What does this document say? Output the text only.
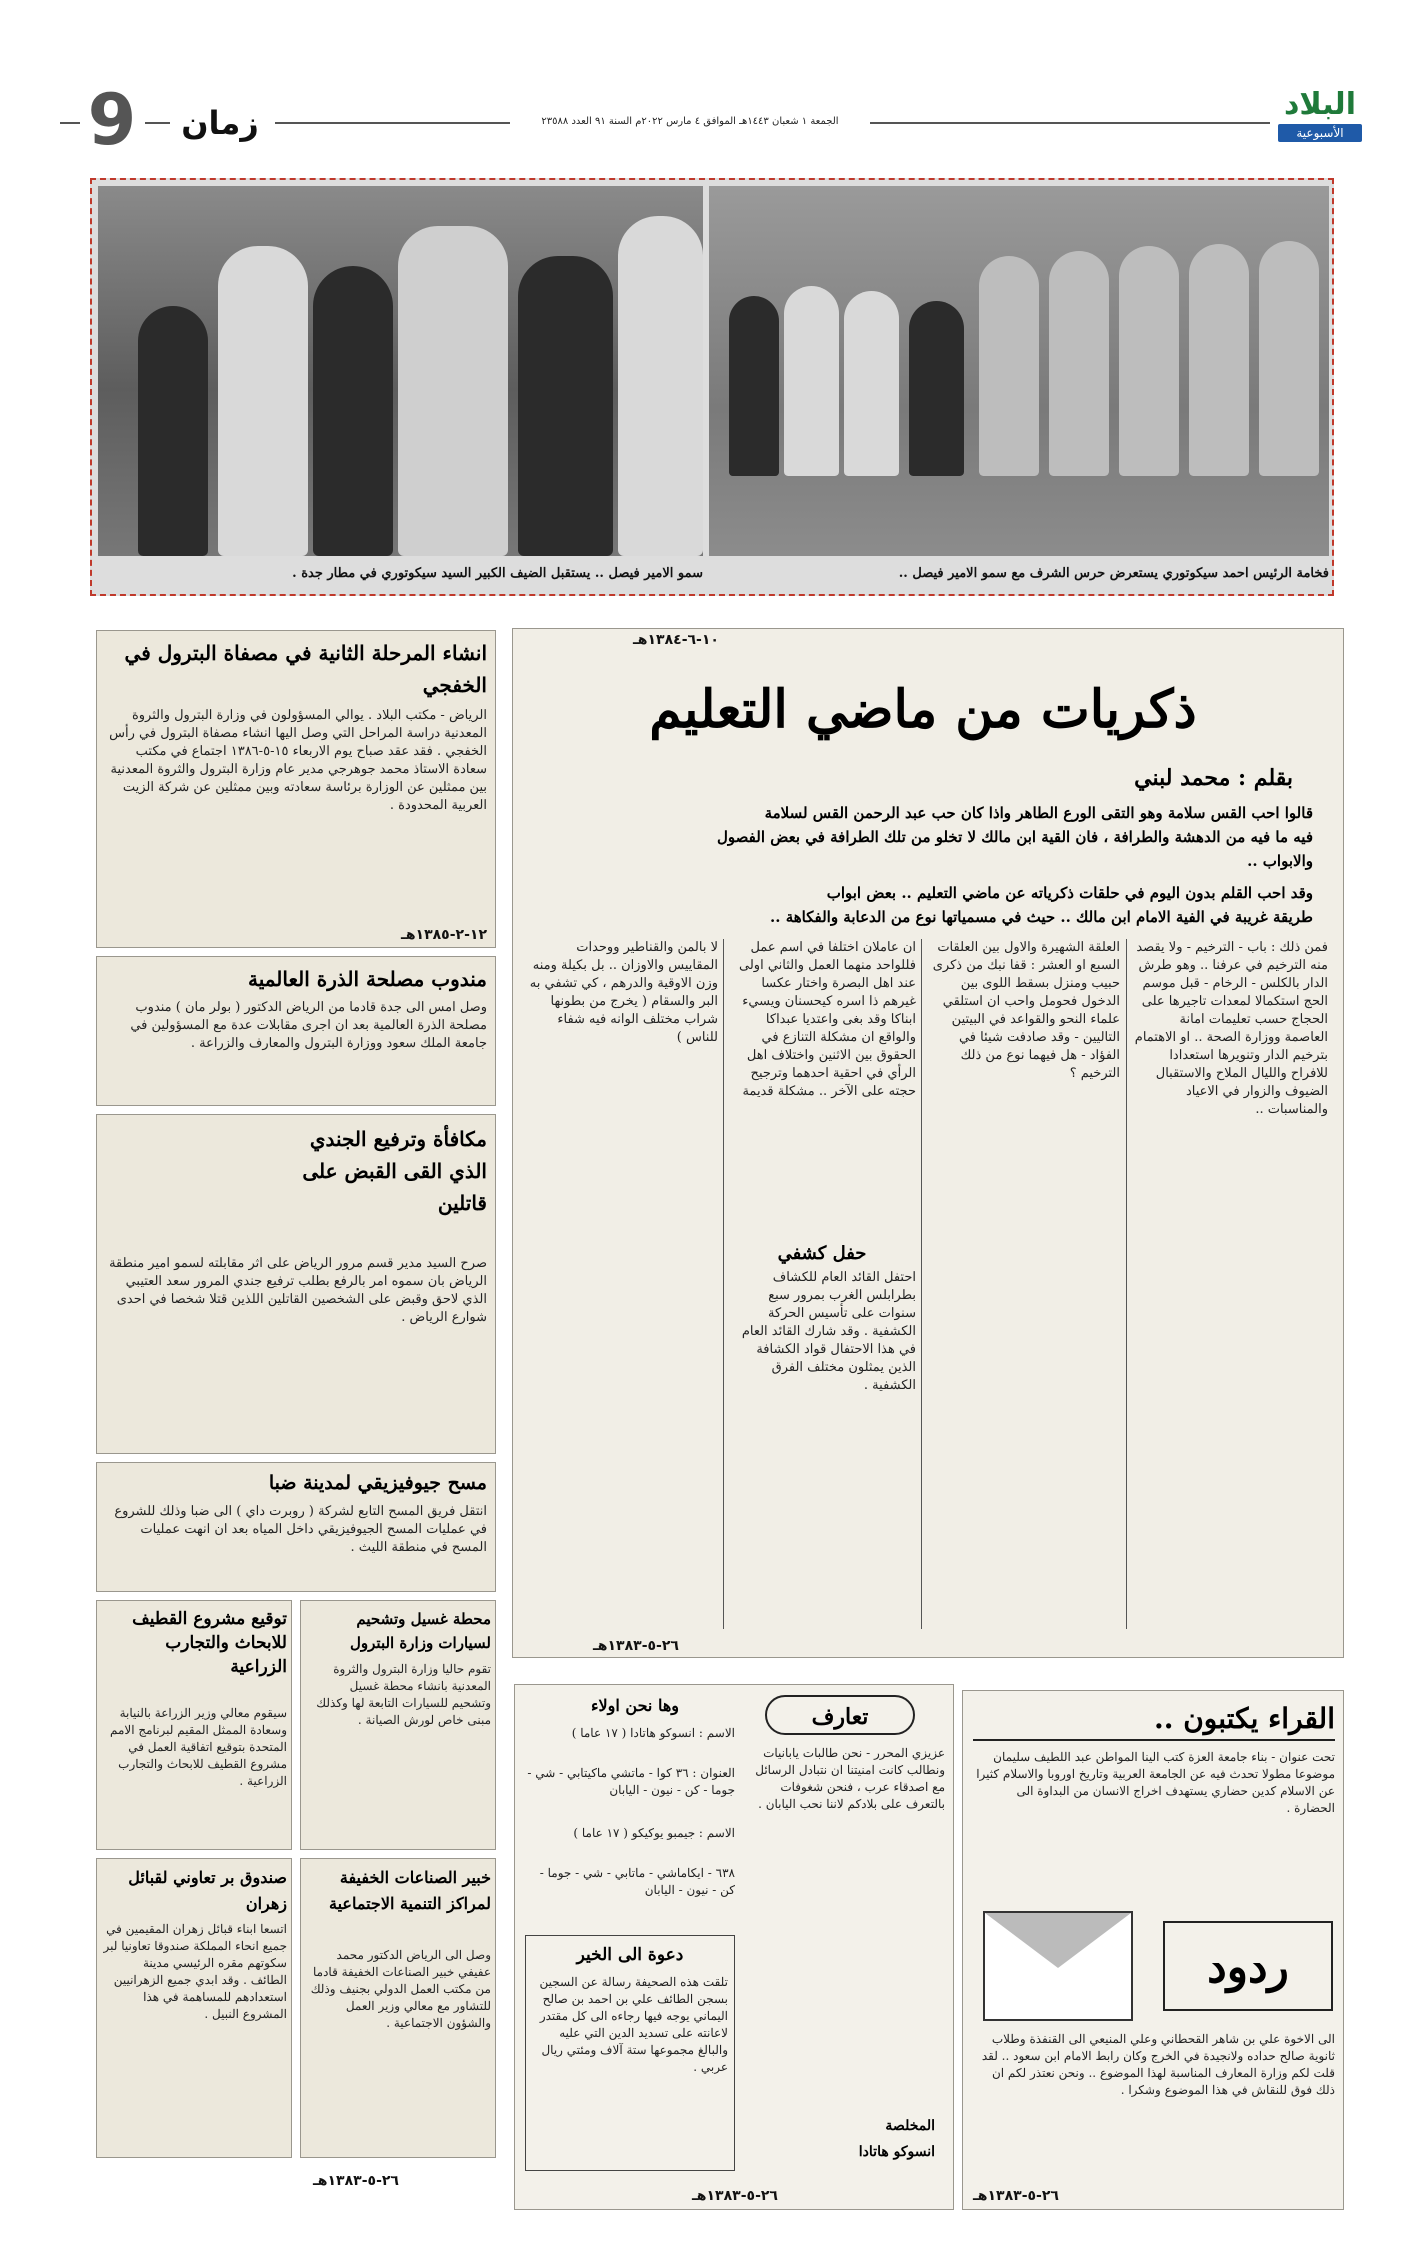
9	زمان	الجمعة ١ شعبان ١٤٤٣هـ الموافق ٤ مارس ٢٠٢٢م السنة ٩١ العدد ٢٣٥٨٨	البلاد
الأسبوعية
سمو الامير فيصل .. يستقبل الضيف الكبير السيد سيكوتوري في مطار جدة .	فخامة الرئيس احمد سيكوتوري يستعرض حرس الشرف مع سمو الامير فيصل ..
١٠-٦-١٣٨٤هـ
ذكريات من ماضي التعليم
بقلم : محمد لبني
قالوا احب القس سلامة وهو التقى الورع الطاهر واذا كان حب عبد الرحمن القس لسلامة
فيه ما فيه من الدهشة والطرافة ، فان القية ابن مالك لا تخلو من تلك الطرافة في بعض الفصول
والابواب ..
وقد احب القلم بدون اليوم في حلقات ذكرياته عن ماضي التعليم .. بعض ابواب
طريقة غريبة في الفية الامام ابن مالك .. حيث في مسمياتها نوع من الدعابة والفكاهة ..
فمن ذلك : باب - الترخيم - ولا يقصد منه الترخيم في عرفنا .. وهو طرش الدار بالكلس - الرخام - قبل موسم الحج استكمالا لمعدات تاجيرها على الحجاج حسب تعليمات امانة العاصمة ووزارة الصحة .. او الاهتمام بترخيم الدار وتنويرها استعدادا للافراح والليال الملاح والاستقبال الضيوف والزوار في الاعياد والمناسبات ..
العلقة الشهيرة والاول بين العلقات السبع او العشر : قفا نبك من ذكرى حبيب ومنزل بسقط اللوى بين الدخول فحومل واحب ان استلقي علماء النحو والقواعد في البيتين التاليين - وقد صادفت شيئا في الفؤاد - هل فيهما نوع من ذلك الترخيم ؟
ان عاملان اختلفا في اسم عمل فللواحد منهما العمل والثاني اولى عند اهل البصرة واختار عكسا غيرهم ذا اسره كيحسنان ويسيء ابناكا وقد بغى واعتديا عبداكا والواقع ان مشكلة التنازع في الحقوق بين الاثنين واختلاف اهل الرأي في احقية احدهما وترجيح حجته على الآخر .. مشكلة قديمة
لا بالمن والقناطير ووحدات المقاييس والاوزان .. بل بكيلة ومنه وزن الاوقية والدرهم ، كي تشفي به البر والسقام ( يخرج من بطونها شراب مختلف الوانه فيه شفاء للناس )
حفل كشفي
احتفل القائد العام للكشاف بطرابلس الغرب بمرور سبع سنوات على تأسيس الحركة الكشفية . وقد شارك القائد العام في هذا الاحتفال قواد الكشافة الذين يمثلون مختلف الفرق الكشفية .
٢٦-٥-١٣٨٣هـ
انشاء المرحلة الثانية في مصفاة البترول في الخفجي
الرياض - مكتب البلاد . يوالي المسؤولون في وزارة البترول والثروة المعدنية دراسة المراحل التي وصل اليها انشاء مصفاة البترول في رأس الخفجي . فقد عقد صباح يوم الاربعاء ١٥-٥-١٣٨٦ اجتماع في مكتب سعادة الاستاذ محمد جوهرجي مدير عام وزارة البترول والثروة المعدنية بين ممثلين عن الوزارة برئاسة سعادته وبين ممثلين عن شركة الزيت العربية المحدودة .
١٢-٢-١٣٨٥هـ
مندوب مصلحة الذرة العالمية
وصل امس الى جدة قادما من الرياض الدكتور ( بولر مان ) مندوب مصلحة الذرة العالمية بعد ان اجرى مقابلات عدة مع المسؤولين في جامعة الملك سعود ووزارة البترول والمعارف والزراعة .
مكافأة وترفيع الجندي الذي القى القبض على قاتلين
صرح السيد مدير قسم مرور الرياض على اثر مقابلته لسمو امير منطقة الرياض بان سموه امر بالرفع بطلب ترفيع جندي المرور سعد العتيبي الذي لاحق وقبض على الشخصين القاتلين اللذين قتلا شخصا في احدى شوارع الرياض .
مسح جيوفيزيقي لمدينة ضبا
انتقل فريق المسح التابع لشركة ( روبرت داي ) الى ضبا وذلك للشروع في عمليات المسح الجيوفيزيقي داخل المياه بعد ان انهت عمليات المسح في منطقة الليث .
توقيع مشروع القطيف للابحاث والتجارب الزراعية
سيقوم معالي وزير الزراعة بالنيابة وسعادة الممثل المقيم لبرنامج الامم المتحدة بتوقيع اتفاقية العمل في مشروع القطيف للابحاث والتجارب الزراعية .
محطة غسيل وتشحيم لسيارات وزارة البترول
تقوم حاليا وزارة البترول والثروة المعدنية بانشاء محطة غسيل وتشحيم للسيارات التابعة لها وكذلك مبنى خاص لورش الصيانة .
خبير الصناعات الخفيفة لمراكز التنمية الاجتماعية
وصل الى الرياض الدكتور محمد عفيفي خبير الصناعات الخفيفة قادما من مكتب العمل الدولي بجنيف وذلك للتشاور مع معالي وزير العمل والشؤون الاجتماعية .
صندوق بر تعاوني لقبائل زهران
اتسعا ابناء قبائل زهران المقيمين في جميع انحاء المملكة صندوقا تعاونيا لبر سكوتهم مقره الرئيسي مدينة الطائف . وقد ابدي جميع الزهرانيين استعدادهم للمساهمة في هذا المشروع النبيل .
٢٦-٥-١٣٨٣هـ
القراء يكتبون ..
تحت عنوان - بناء جامعة العزة كتب الينا المواطن عبد اللطيف سليمان موضوعا مطولا تحدث فيه عن الجامعة العربية وتاريخ اوروبا والاسلام كثيرا عن الاسلام كدين حضاري يستهدف اخراج الانسان من البداوة الى الحضارة .
ردود
الى الاخوة علي بن شاهر القحطاني وعلي المنيعي الى القنفذة وطلاب ثانوية صالح حداده ولانجيدة في الخرج وكان رابط الامام ابن سعود .. لقد قلت لكم وزارة المعارف المناسبة لهذا الموضوع .. ونحن نعتذر لكم ان ذلك فوق للنقاش في هذا الموضوع وشكرا .
٢٦-٥-١٣٨٣هـ
تعارف
وها نحن اولاء
عزيزي المحرر - نحن طالبات يابانيات ونطالب كانت امنيتنا ان نتبادل الرسائل مع اصدقاء عرب ، فنحن شغوفات بالتعرف على بلادكم لاننا نحب اليابان .
الاسم : انسوكو هاتادا ( ١٧ عاما )
العنوان : ٣٦ كوا - ماتشي ماكيتابي - شي - جوما - كن - نيون - اليابان
الاسم : جيمبو يوكيكو ( ١٧ عاما )
٦٣٨ - ايكاماشي - ماتابي - شي - جوما - كن - نيون - اليابان
دعوة الى الخير
تلقت هذه الصحيفة رسالة عن السجين بسجن الطائف علي بن احمد بن صالح اليماني يوجه فيها رجاءه الى كل مقتدر لاعانته على تسديد الدين التي عليه والبالغ مجموعها ستة آلاف ومئتي ريال عربي .
المخلصة
انسوكو هاتادا
٢٦-٥-١٣٨٣هـ
